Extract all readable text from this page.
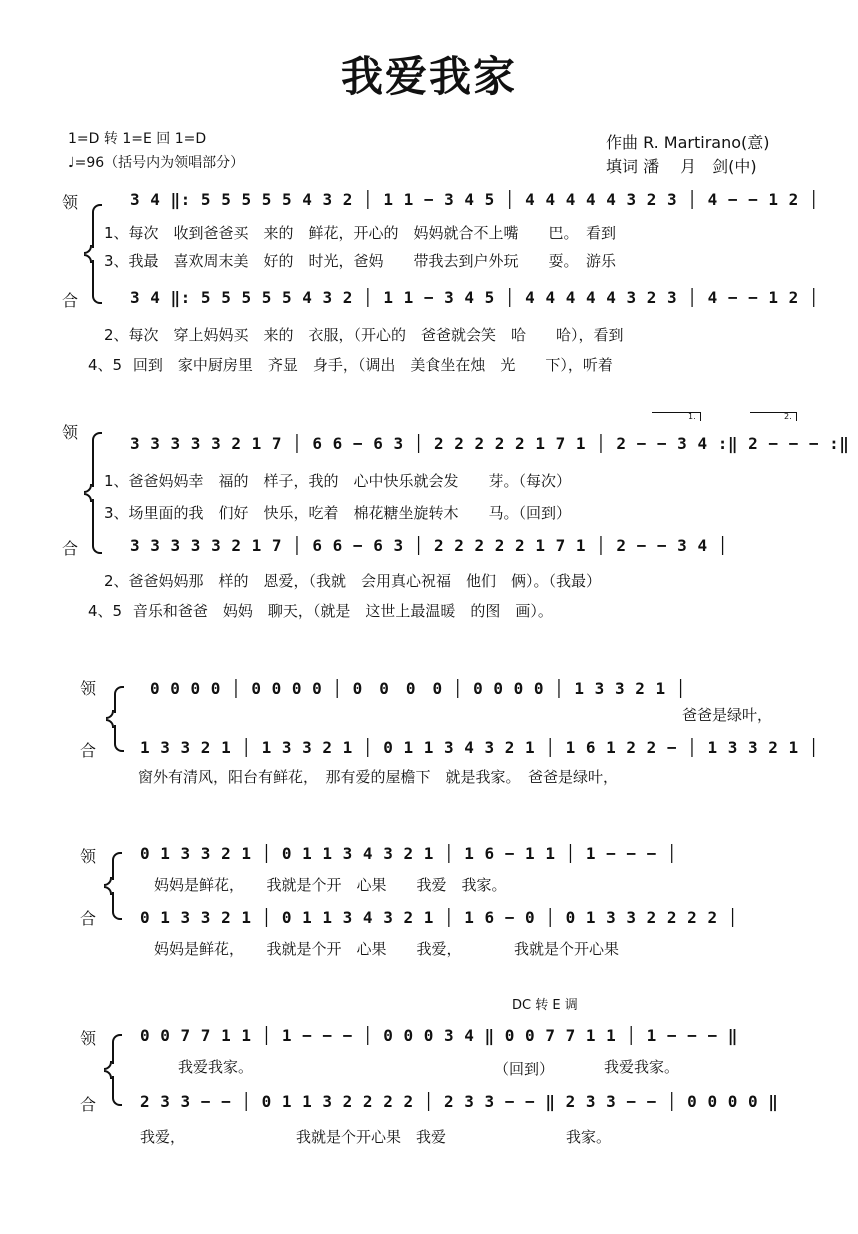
我爱我家
1=D 转 1=E 回 1=D
♩=96（括号内为领唱部分）
作曲 R. Martirano(意)
填词 潘　 月　剑(中)
领
合
3 4 ‖: 5 5 5 5 5 4 3 2 │ 1 1 − 3 4 5 │ 4 4 4 4 4 3 2 3 │ 4 − − 1 2 │
1、每次　收到爸爸买　来的　鲜花，开心的　妈妈就合不上嘴　　巴。　看到
3、我最　喜欢周末美　好的　时光，爸妈　　带我去到户外玩　　耍。　游乐
3 4 ‖: 5 5 5 5 5 4 3 2 │ 1 1 − 3 4 5 │ 4 4 4 4 4 3 2 3 │ 4 − − 1 2 │
2、每次　穿上妈妈买　来的　衣服，（开心的　爸爸就会笑　哈　　哈），看到
4、5 回到　家中厨房里　齐显　身手，（调出　美食坐在烛　光　　下），听着
1.	2.
领
合
3 3 3 3 3 2 1 7 │ 6 6 − 6 3 │ 2 2 2 2 2 1 7 1 │ 2 − − 3 4 :‖ 2 − − − :‖
1、爸爸妈妈幸　福的　样子，我的　心中快乐就会发　　芽。（每次）
3、场里面的我　们好　快乐，吃着　棉花糖坐旋转木　　马。（回到）
3 3 3 3 3 2 1 7 │ 6 6 − 6 3 │ 2 2 2 2 2 1 7 1 │ 2 − − 3 4 │
2、爸爸妈妈那　样的　恩爱，（我就　会用真心祝福　他们　俩）。（我最）
4、5 音乐和爸爸　妈妈　聊天，（就是　这世上最温暖　的图　画）。
领
合
0 0 0 0 │ 0 0 0 0 │ 0　0　0　0 │ 0 0 0 0 │ 1 3 3 2 1 │
爸爸是绿叶，
1 3 3 2 1 │ 1 3 3 2 1 │ 0 1 1 3 4 3 2 1 │ 1 6 1 2 2 − │ 1 3 3 2 1 │
窗外有清风，阳台有鲜花，　那有爱的屋檐下　就是我家。　爸爸是绿叶，
领
合
0 1 3 3 2 1 │ 0 1 1 3 4 3 2 1 │ 1 6 − 1 1 │ 1 − − − │
妈妈是鲜花，　　我就是个开　心果　　我爱　我家。
0 1 3 3 2 1 │ 0 1 1 3 4 3 2 1 │ 1 6 − 0 │ 0 1 3 3 2 2 2 2 │
妈妈是鲜花，　　我就是个开　心果　　我爱，　　　　我就是个开心果
DC 转 E 调
领
合
0 0 7 7 1 1 │ 1 − − − │ 0 0 0 3 4 ‖ 0 0 7 7 1 1 │ 1 − − − ‖
我爱我家。	（回到）	我爱我家。
2 3 3 − − │ 0 1 1 3 2 2 2 2 │ 2 3 3 − − ‖ 2 3 3 − − │ 0 0 0 0 ‖
我爱，	我就是个开心果　我爱	我家。
